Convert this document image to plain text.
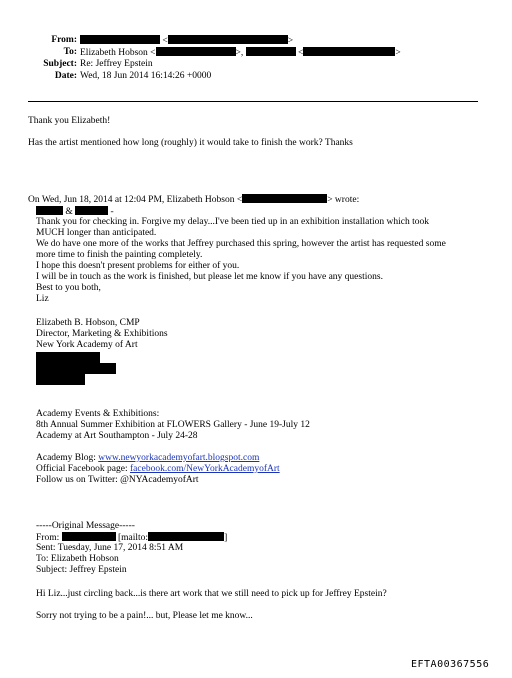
From:	<	>
To: Elizabeth Hobson <	>,	<	>
Subject: Re: Jeffrey Epstein
Date: Wed, 18 Jun 2014 16:14:26 +0000
Thank you Elizabeth!
Has the artist mentioned how long (roughly) it would take to finish the work? Thanks
On Wed, Jun 18, 2014 at 12:04 PM, Elizabeth Hobson <	> wrote:
&	-
Thank you for checking in. Forgive my delay...I've been tied up in an exhibition installation which took
MUCH longer than anticipated.
We do have one more of the works that Jeffrey purchased this spring, however the artist has requested some
more time to finish the painting completely.
I hope this doesn't present problems for either of you.
I will be in touch as the work is finished, but please let me know if you have any questions.
Best to you both,
Liz
Elizabeth B. Hobson, CMP
Director, Marketing & Exhibitions
New York Academy of Art
Academy Events & Exhibitions:
8th Annual Summer Exhibition at FLOWERS Gallery - June 19-July 12
Academy at Art Southampton - July 24-28
Academy Blog: www.newyorkacademyofart.blogspot.com
Official Facebook page: facebook.com/NewYorkAcademyofArt
Follow us on Twitter: @NYAcademyofArt
-----Original Message-----
From:	[mailto:	]
Sent: Tuesday, June 17, 2014 8:51 AM
To: Elizabeth Hobson
Subject: Jeffrey Epstein
Hi Liz...just circling back...is there art work that we still need to pick up for Jeffrey Epstein?
Sorry not trying to be a pain!... but, Please let me know...
EFTA00367556
